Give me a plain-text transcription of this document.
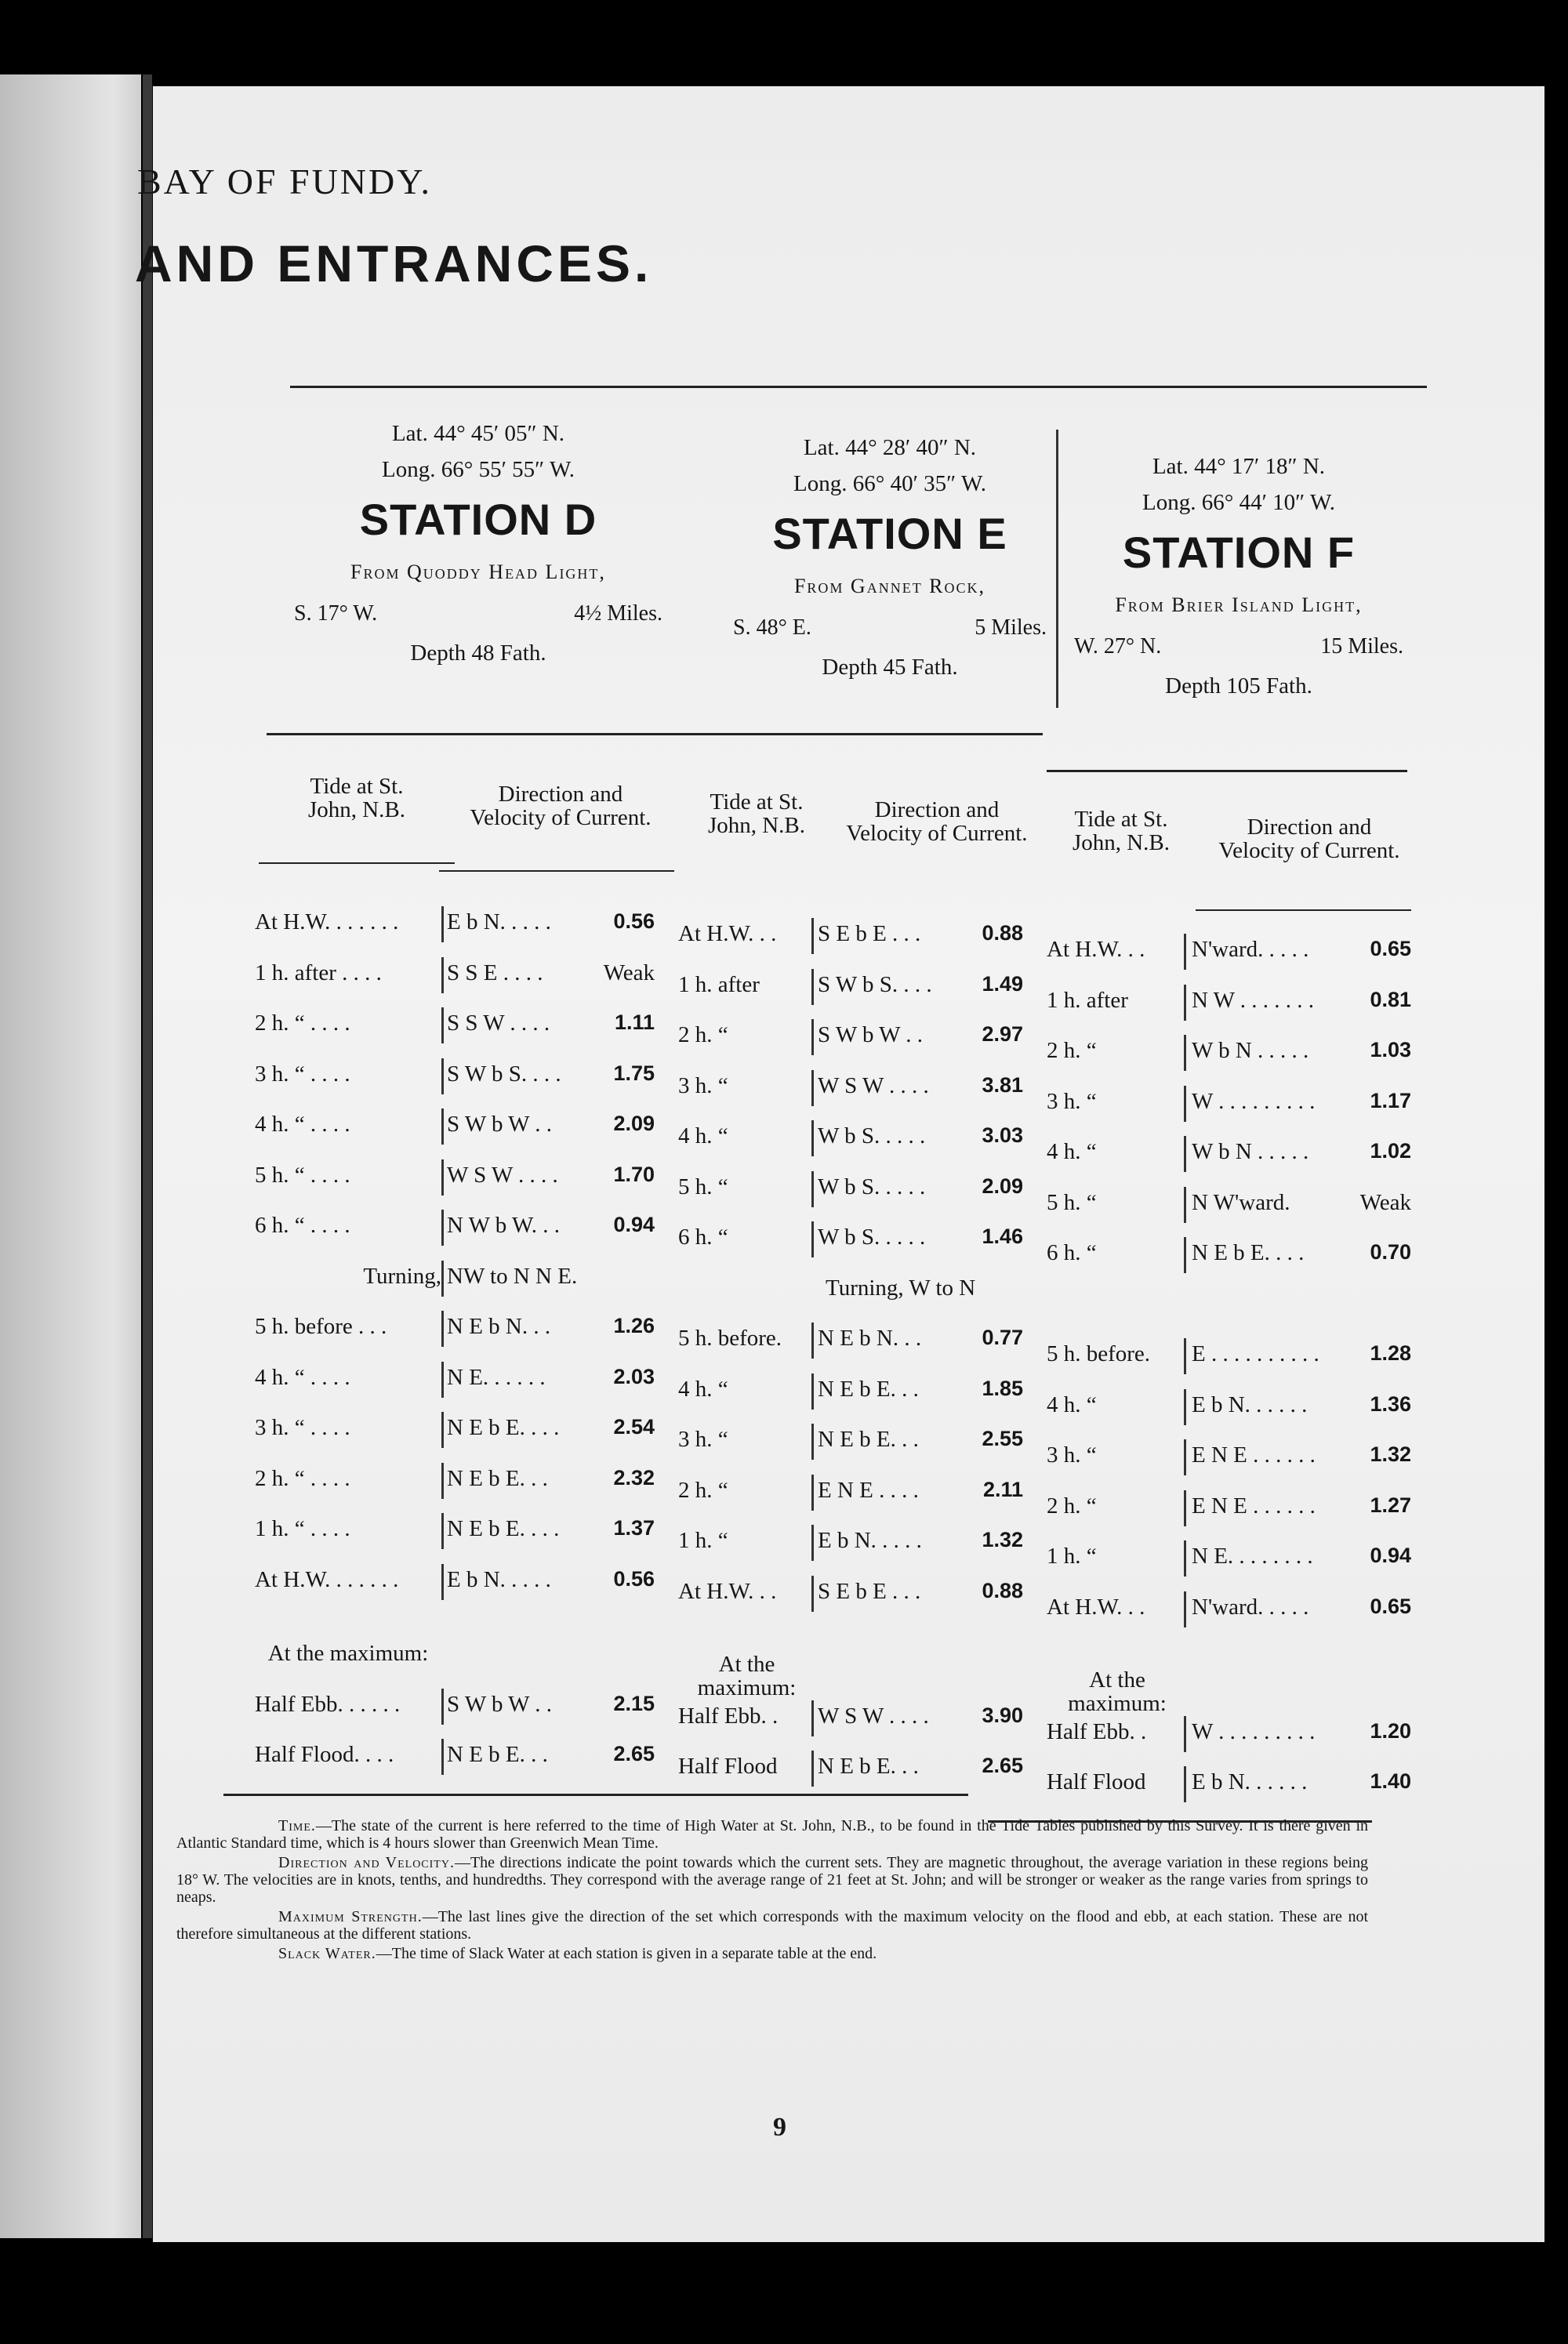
BAY OF FUNDY.
AND ENTRANCES.
Lat. 44° 45′ 05″ N.
Long. 66° 55′ 55″ W.
STATION D
From Quoddy Head Light,
S. 17° W.	4½ Miles.
Depth 48 Fath.
Lat. 44° 28′ 40″ N.
Long. 66° 40′ 35″ W.
STATION E
From Gannet Rock,
S. 48° E.	5 Miles.
Depth 45 Fath.
Lat. 44° 17′ 18″ N.
Long. 66° 44′ 10″ W.
STATION F
From Brier Island Light,
W. 27° N.	15 Miles.
Depth 105 Fath.
Tide at St. John, N.B.
Direction and Velocity of Current.
Tide at St. John, N.B.
Direction and Velocity of Current.
Tide at St. John, N.B.
Direction and Velocity of Current.
At H.W. . . . . . . E b N. . . . .	0.56
1 h. after . . . .	S S E . . . .	Weak
2 h. “ . . . .	S S W . . . .	1.11
3 h. “ . . . .	S W b S. . . . 1.75
4 h. “ . . . .	S W b W . .	2.09
5 h. “ . . . .	W S W . . . .	1.70
6 h. “ . . . .	N W b W. . .	0.94
Turning, NW to N N E.
5 h. before . . .	N E b N. . .	1.26
4 h. “ . . . .	N E. . . . . .	2.03
3 h. “ . . . .	N E b E. . . .	2.54
2 h. “ . . . .	N E b E. . .	2.32
1 h. “ . . . .	N E b E. . . .	1.37
At H.W. . . . . . . E b N. . . . .	0.56
At the maximum:
Half Ebb. . . . . . S W b W . .	2.15
Half Flood. . . . N E b E. . .	2.65
At H.W. . . S E b E . . .	0.88
1 h. after	S W b S. . . . 1.49
2 h. “	S W b W . .	2.97
3 h. “	W S W . . . .	3.81
4 h. “	W b S. . . . .	3.03
5 h. “	W b S. . . . .	2.09
6 h. “	W b S. . . . .	1.46
Turning, W to N
5 h. before. N E b N. . .	0.77
4 h. “	N E b E. . .	1.85
3 h. “	N E b E. . .	2.55
2 h. “	E N E . . . .	2.11
1 h. “	E b N. . . . .	1.32
At H.W. . . S E b E . . .	0.88
At the maximum:
Half Ebb. . W S W . . . .	3.90
Half Flood N E b E. . .	2.65
At H.W. . . N'ward. . . . .	0.65
1 h. after	N W . . . . . . .	0.81
2 h. “	W b N . . . . .	1.03
3 h. “	W . . . . . . . . .	1.17
4 h. “	W b N . . . . .	1.02
5 h. “	N W'ward.	Weak
6 h. “	N E b E. . . .	0.70
5 h. before. E . . . . . . . . . . 1.28
4 h. “	E b N. . . . . .	1.36
3 h. “	E N E . . . . . .	1.32
2 h. “	E N E . . . . . .	1.27
1 h. “	N E. . . . . . . .	0.94
At H.W. . . N'ward. . . . .	0.65
At the maximum:
Half Ebb. . W . . . . . . . . .	1.20
Half Flood E b N. . . . . .	1.40

Time.—The state of the current is here referred to the time of High Water at St. John, N.B., to be found in the Tide Tables published by this Survey. It is there given in Atlantic Standard time, which is 4 hours slower than Greenwich Mean Time.

Direction and Velocity.—The directions indicate the point towards which the current sets. They are magnetic throughout, the average variation in these regions being 18° W. The velocities are in knots, tenths, and hundredths. They correspond with the average range of 21 feet at St. John; and will be stronger or weaker as the range varies from springs to neaps.

Maximum Strength.—The last lines give the direction of the set which corresponds with the maximum velocity on the flood and ebb, at each station. These are not therefore simultaneous at the different stations.

Slack Water.—The time of Slack Water at each station is given in a separate table at the end.

9
